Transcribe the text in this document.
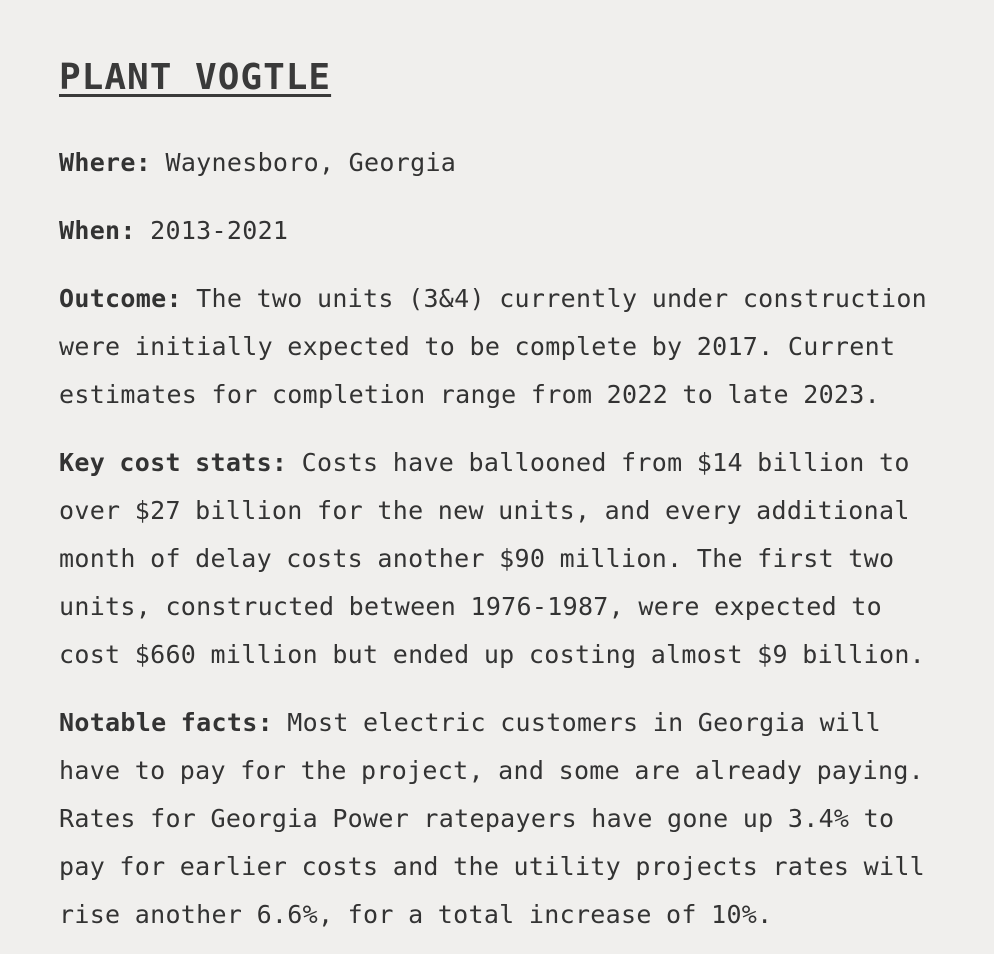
PLANT VOGTLE

Where: Waynesboro, Georgia

When: 2013-2021

Outcome: The two units (3&4) currently under construction were initially expected to be complete by 2017. Current estimates for completion range from 2022 to late 2023.

Key cost stats: Costs have ballooned from $14 billion to over $27 billion for the new units, and every additional month of delay costs another $90 million. The first two units, constructed between 1976-1987, were expected to cost $660 million but ended up costing almost $9 billion.

Notable facts: Most electric customers in Georgia will have to pay for the project, and some are already paying. Rates for Georgia Power ratepayers have gone up 3.4% to pay for earlier costs and the utility projects rates will rise another 6.6%, for a total increase of 10%.
